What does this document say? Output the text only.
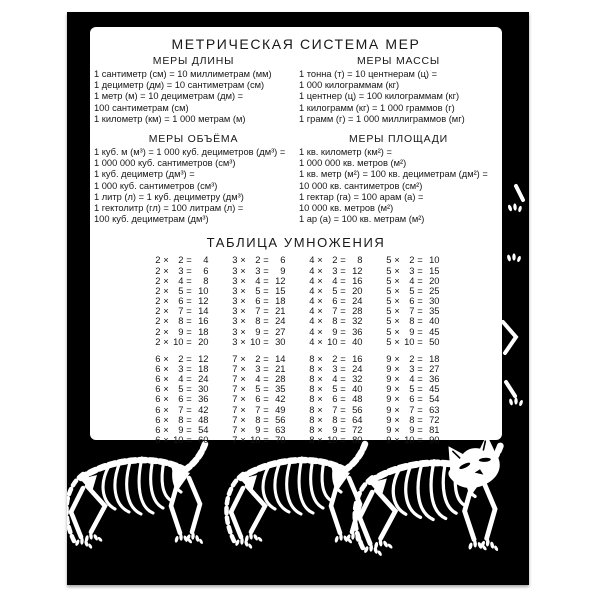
МЕТРИЧЕСКАЯ СИСТЕМА МЕР
МЕРЫ ДЛИНЫ
1 сантиметр (см) = 10 миллиметрам (мм)
1 дециметр (дм) = 10 сантиметрам (см)
1 метр (м) = 10 дециметрам (дм) =
100 сантиметрам (см)
1 километр (км) = 1 000 метрам (м)
МЕРЫ МАССЫ
1 тонна (т) = 10 центнерам (ц) =
1 000 килограммам (кг)
1 центнер (ц) = 100 килограммам (кг)
1 килограмм (кг) = 1 000 граммов (г)
1 грамм (г) = 1 000 миллиграммов (мг)
МЕРЫ ОБЪЁМА
1 куб. м (м³) = 1 000 куб. дециметров (дм³) =
1 000 000 куб. сантиметров (см³)
1 куб. дециметр (дм³) =
1 000 куб. сантиметров (см³)
1 литр (л) = 1 куб. дециметру (дм³)
1 гектолитр (гл) = 100 литрам (л) =
100 куб. дециметрам (дм³)
МЕРЫ ПЛОЩАДИ
1 кв. километр (км²) =
1 000 000 кв. метров (м²)
1 кв. метр (м²) = 100 кв. дециметрам (дм²) =
10 000 кв. сантиметров (см²)
1 гектар (га) = 100 арам (а) =
10 000 кв. метров (м²)
1 ар (а) = 100 кв. метрам (м²)
ТАБЛИЦА УМНОЖЕНИЯ
2 ×	2 =	4
2 ×	3 =	6
2 ×	4 =	8
2 ×	5 = 10
2 ×	6 = 12
2 ×	7 = 14
2 ×	8 = 16
2 ×	9 = 18
2 × 10 = 20
3 ×	2 =	6
3 ×	3 =	9
3 ×	4 = 12
3 ×	5 = 15
3 ×	6 = 18
3 ×	7 = 21
3 ×	8 = 24
3 ×	9 = 27
3 × 10 = 30
4 ×	2 =	8
4 ×	3 = 12
4 ×	4 = 16
4 ×	5 = 20
4 ×	6 = 24
4 ×	7 = 28
4 ×	8 = 32
4 ×	9 = 36
4 × 10 = 40
5 ×	2 = 10
5 ×	3 = 15
5 ×	4 = 20
5 ×	5 = 25
5 ×	6 = 30
5 ×	7 = 35
5 ×	8 = 40
5 ×	9 = 45
5 × 10 = 50
6 ×	2 = 12
6 ×	3 = 18
6 ×	4 = 24
6 ×	5 = 30
6 ×	6 = 36
6 ×	7 = 42
6 ×	8 = 48
6 ×	9 = 54
6 × 10 = 60
7 ×	2 = 14
7 ×	3 = 21
7 ×	4 = 28
7 ×	5 = 35
7 ×	6 = 42
7 ×	7 = 49
7 ×	8 = 56
7 ×	9 = 63
7 × 10 = 70
8 ×	2 = 16
8 ×	3 = 24
8 ×	4 = 32
8 ×	5 = 40
8 ×	6 = 48
8 ×	7 = 56
8 ×	8 = 64
8 ×	9 = 72
8 × 10 = 80
9 ×	2 = 18
9 ×	3 = 27
9 ×	4 = 36
9 ×	5 = 45
9 ×	6 = 54
9 ×	7 = 63
9 ×	8 = 72
9 ×	9 = 81
9 × 10 = 90
